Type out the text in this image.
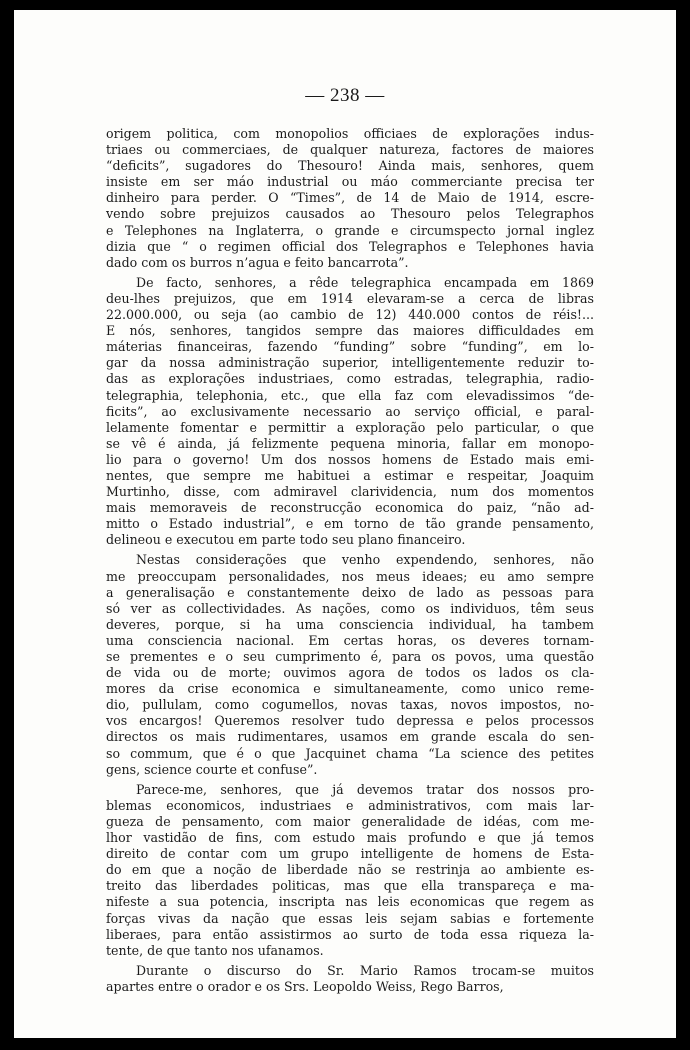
— 238 —

origem politica, com monopolios officiaes de explorações indus-
triaes ou commerciaes, de qualquer natureza, factores de maiores
“deficits”, sugadores do Thesouro! Ainda mais, senhores, quem
insiste em ser máo industrial ou máo commerciante precisa ter
dinheiro para perder. O “Times”, de 14 de Maio de 1914, escre-
vendo sobre prejuizos causados ao Thesouro pelos Telegraphos
e Telephones na Inglaterra, o grande e circumspecto jornal inglez
dizia que “ o regimen official dos Telegraphos e Telephones havia
dado com os burros n’agua e feito bancarrota”.

De facto, senhores, a rêde telegraphica encampada em 1869
deu-lhes prejuizos, que em 1914 elevaram-se a cerca de libras
22.000.000, ou seja (ao cambio de 12) 440.000 contos de réis!...
E nós, senhores, tangidos sempre das maiores difficuldades em
máterias financeiras, fazendo “funding” sobre “funding”, em lo-
gar da nossa administração superior, intelligentemente reduzir to-
das as explorações industriaes, como estradas, telegraphia, radio-
telegraphia, telephonia, etc., que ella faz com elevadissimos “de-
ficits”, ao exclusivamente necessario ao serviço official, e paral-
lelamente fomentar e permittir a exploração pelo particular, o que
se vê é ainda, já felizmente pequena minoria, fallar em monopo-
lio para o governo! Um dos nossos homens de Estado mais emi-
nentes, que sempre me habituei a estimar e respeitar, Joaquim
Murtinho, disse, com admiravel clarividencia, num dos momentos
mais memoraveis de reconstrucção economica do paiz, “não ad-
mitto o Estado industrial”, e em torno de tão grande pensamento,
delineou e executou em parte todo seu plano financeiro.

Nestas considerações que venho expendendo, senhores, não
me preoccupam personalidades, nos meus ideaes; eu amo sempre
a generalisação e constantemente deixo de lado as pessoas para
só ver as collectividades. As nações, como os individuos, têm seus
deveres, porque, si ha uma consciencia individual, ha tambem
uma consciencia nacional. Em certas horas, os deveres tornam-
se prementes e o seu cumprimento é, para os povos, uma questão
de vida ou de morte; ouvimos agora de todos os lados os cla-
mores da crise economica e simultaneamente, como unico reme-
dio, pullulam, como cogumellos, novas taxas, novos impostos, no-
vos encargos! Queremos resolver tudo depressa e pelos processos
directos os mais rudimentares, usamos em grande escala do sen-
so commum, que é o que Jacquinet chama “La science des petites
gens, science courte et confuse”.

Parece-me, senhores, que já devemos tratar dos nossos pro-
blemas economicos, industriaes e administrativos, com mais lar-
gueza de pensamento, com maior generalidade de idéas, com me-
lhor vastidão de fins, com estudo mais profundo e que já temos
direito de contar com um grupo intelligente de homens de Esta-
do em que a noção de liberdade não se restrinja ao ambiente es-
treito das liberdades politicas, mas que ella transpareça e ma-
nifeste a sua potencia, inscripta nas leis economicas que regem as
forças vivas da nação que essas leis sejam sabias e fortemente
liberaes, para então assistirmos ao surto de toda essa riqueza la-
tente, de que tanto nos ufanamos.

Durante o discurso do Sr. Mario Ramos trocam-se muitos
apartes entre o orador e os Srs. Leopoldo Weiss, Rego Barros,
